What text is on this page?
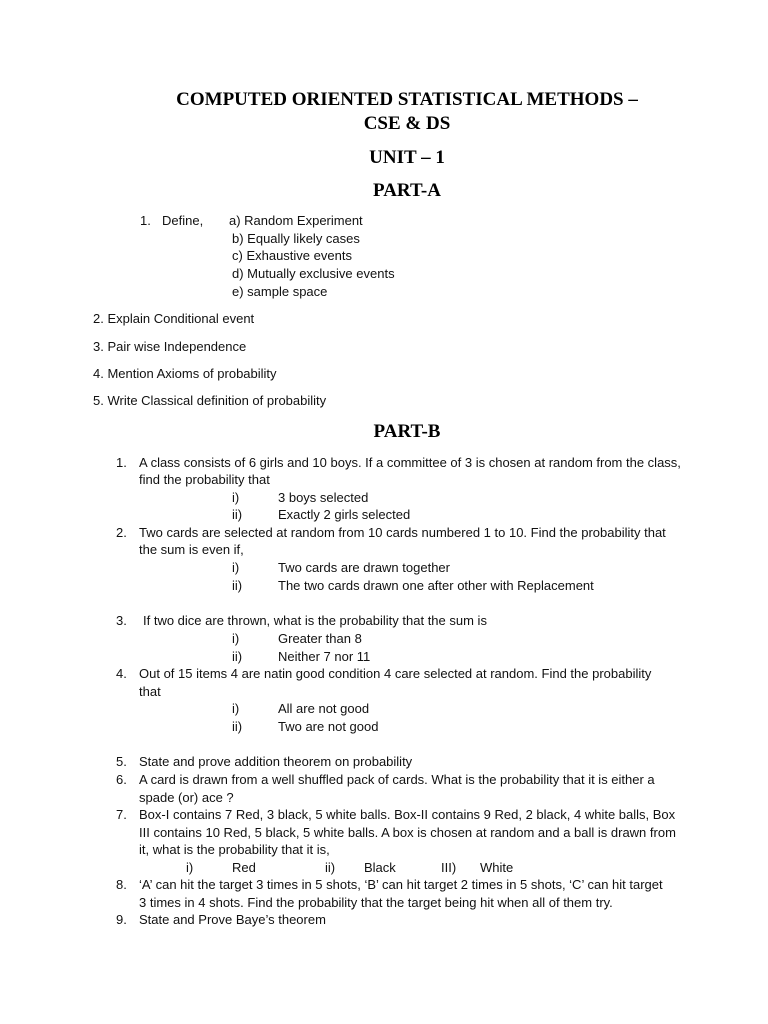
COMPUTED ORIENTED STATISTICAL METHODS –
CSE & DS
UNIT – 1
PART-A
1. Define, a) Random Experiment
b) Equally likely cases
c) Exhaustive events
d) Mutually exclusive events
e) sample space
2. Explain Conditional event
3. Pair wise Independence
4. Mention Axioms of probability
5. Write Classical definition of probability
PART-B
1. A class consists of 6 girls and 10 boys. If a committee of 3 is chosen at random from the class,
find the probability that
i)	3 boys selected
ii)	Exactly 2 girls selected
2. Two cards are selected at random from 10 cards numbered 1 to 10. Find the probability that
the sum is even if,
i)	Two cards are drawn together
ii)	The two cards drawn one after other with Replacement
3. If two dice are thrown, what is the probability that the sum is
i)	Greater than 8
ii)	Neither 7 nor 11
4. Out of 15 items 4 are natin good condition 4 care selected at random. Find the probability
that
i)	All are not good
ii)	Two are not good
5. State and prove addition theorem on probability
6. A card is drawn from a well shuffled pack of cards. What is the probability that it is either a
spade (or) ace ?
7. Box-I contains 7 Red, 3 black, 5 white balls. Box-II contains 9 Red, 2 black, 4 white balls, Box
III contains 10 Red, 5 black, 5 white balls. A box is chosen at random and a ball is drawn from
it, what is the probability that it is,
i)	Red	ii) Black	III) White
8. ‘A’ can hit the target 3 times in 5 shots, ‘B’ can hit target 2 times in 5 shots, ‘C’ can hit target
3 times in 4 shots. Find the probability that the target being hit when all of them try.
9. State and Prove Baye’s theorem
